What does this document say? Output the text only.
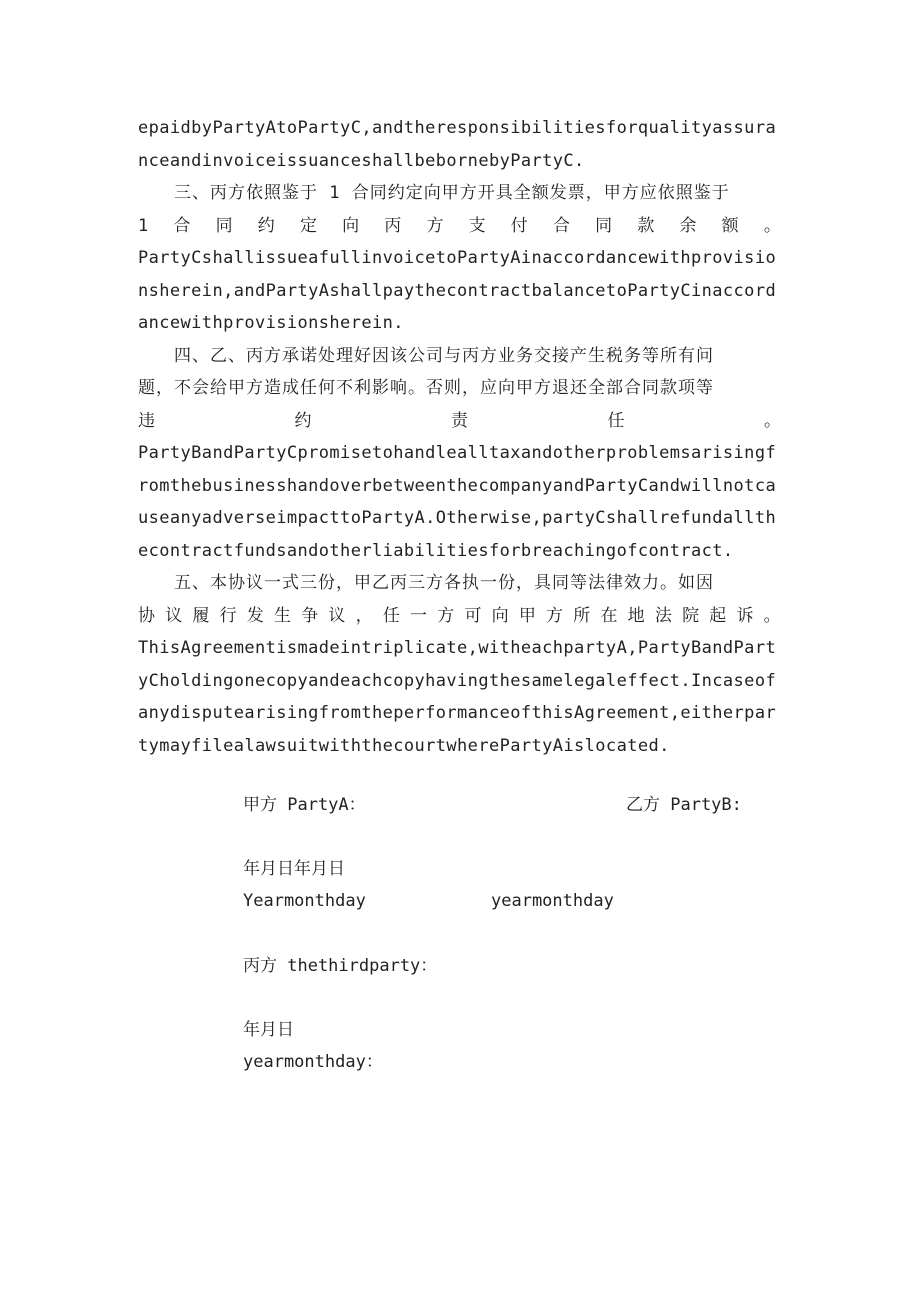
epaidbyPartyAtoPartyC,andtheresponsibilitiesforqualityassuranceandinvoiceissuanceshallbebornebyPartyC.

三、丙方依照鉴于 1 合同约定向甲方开具全额发票，甲方应依照鉴于

1 合 同 约 定 向 丙 方 支 付 合 同 款 余 额 。

PartyCshallissueafullinvoicetoPartyAinaccordancewithprovisionsherein,andPartyAshallpaythecontractbalancetoPartyCinaccordancewithprovisionsherein.

四、乙、丙方承诺处理好因该公司与丙方业务交接产生税务等所有问

题，不会给甲方造成任何不利影响。否则，应向甲方退还全部合同款项等

违	约	责	任	。

PartyBandPartyCpromisetohandlealltaxandotherproblemsarisingfromthebusinesshandoverbetweenthecompanyandPartyCandwillnotcauseanyadverseimpacttoPartyA.Otherwise,partyCshallrefundallthecontractfundsandotherliabilitiesforbreachingofcontract.

五、本协议一式三份，甲乙丙三方各执一份，具同等法律效力。如因

协 议 履 行 发 生 争 议 ， 任 一 方 可 向 甲 方 所 在 地 法 院 起 诉 。

ThisAgreementismadeintriplicate,witheachpartyA,PartyBandPartyCholdingonecopyandeachcopyhavingthesamelegaleffect.IncaseofanydisputearisingfromtheperformanceofthisAgreement,eitherpartymayfilealawsuitwiththecourtwherePartyAislocated.

甲方 PartyA：	乙方 PartyB:
年月日年月日
Yearmonthday	yearmonthday
丙方 thethirdparty：
年月日
yearmonthday：
